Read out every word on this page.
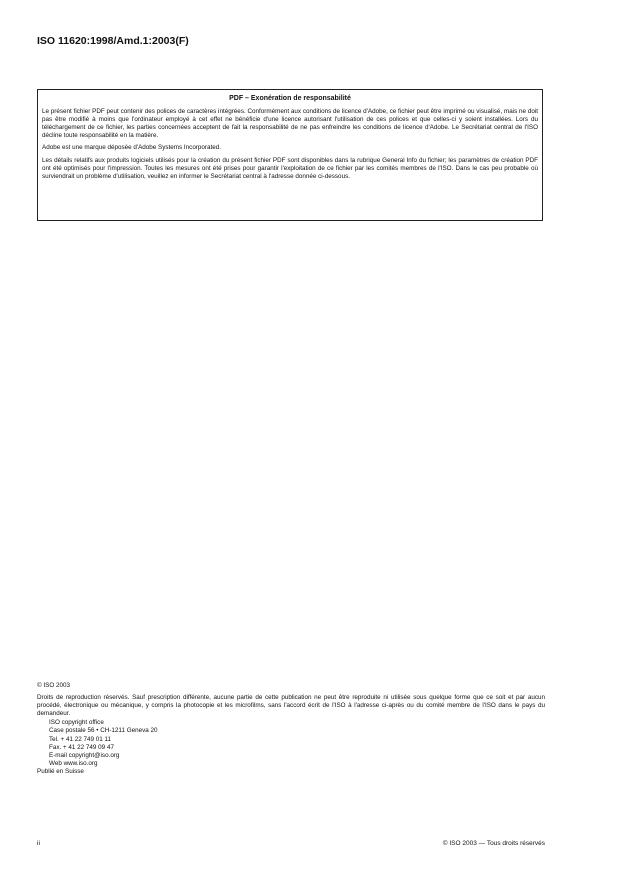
ISO 11620:1998/Amd.1:2003(F)
PDF – Exonération de responsabilité

Le présent fichier PDF peut contenir des polices de caractères intégrées. Conformément aux conditions de licence d'Adobe, ce fichier peut être imprimé ou visualisé, mais ne doit pas être modifié à moins que l'ordinateur employé à cet effet ne bénéficie d'une licence autorisant l'utilisation de ces polices et que celles-ci y soient installées. Lors du téléchargement de ce fichier, les parties concernées acceptent de fait la responsabilité de ne pas enfreindre les conditions de licence d'Adobe. Le Secrétariat central de l'ISO décline toute responsabilité en la matière.

Adobe est une marque déposée d'Adobe Systems Incorporated.

Les détails relatifs aux produits logiciels utilisés pour la création du présent fichier PDF sont disponibles dans la rubrique General Info du fichier; les paramètres de création PDF ont été optimisés pour l'impression. Toutes les mesures ont été prises pour garantir l'exploitation de ce fichier par les comités membres de l'ISO. Dans le cas peu probable où surviendrait un problème d'utilisation, veuillez en informer le Secrétariat central à l'adresse donnée ci-dessous.

© ISO 2003

Droits de reproduction réservés. Sauf prescription différente, aucune partie de cette publication ne peut être reproduite ni utilisée sous quelque forme que ce soit et par aucun procédé, électronique ou mécanique, y compris la photocopie et les microfilms, sans l'accord écrit de l'ISO à l'adresse ci-après ou du comité membre de l'ISO dans le pays du demandeur.

ISO copyright office
Case postale 56 • CH-1211 Geneva 20
Tel. + 41 22 749 01 11
Fax. + 41 22 749 09 47
E-mail copyright@iso.org
Web www.iso.org

Publié en Suisse

ii	© ISO 2003 — Tous droits réservés
